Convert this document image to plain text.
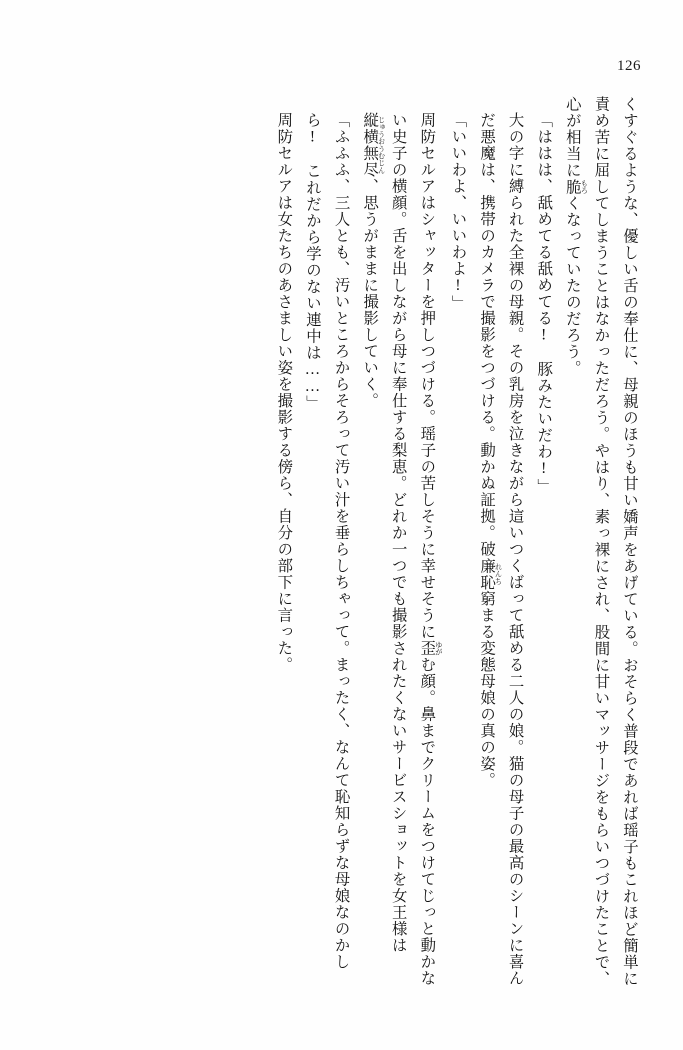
126

くすぐるような、優しい舌の奉仕に、母親のほうも甘い嬌声をあげている。おそらく普段であれば瑶子もこれほど簡単に責め苦に屈してしまうことはなかっただろう。やはり、素っ裸にされ、股間に甘いマッサージをもらいつづけたことで、心が相当に脆 もろくなっていたのだろう。

「ははは、舐めてる舐めてる!　豚みたいだわ!」

大の字に縛られた全裸の母親。その乳房を泣きながら這いつくばって舐める二人の娘。猫の母子の最高のシーンに喜んだ悪魔は、携帯のカメラで撮影をつづける。動かぬ証拠。破廉恥 れんち窮まる変態母娘の真の姿。

「いいわよ、いいわよ!」

周防セルアはシャッターを押しつづける。瑶子の苦しそうに幸せそうに歪 ゆがむ顔。鼻までクリームをつけてじっと動かない史子の横顔。舌を出しながら母に奉仕する梨恵。どれか一つでも撮影されたくないサービスショットを女王様は縦横無尽 じゅうおうむじん、思うがままに撮影していく。

「ふふふ、三人とも、汚いところからそろって汚い汁を垂らしちゃって。まったく、なんて恥知らずな母娘なのかしら!　これだから学のない連中は……」

周防セルアは女たちのあさましい姿を撮影する傍ら、自分の部下に言った。
